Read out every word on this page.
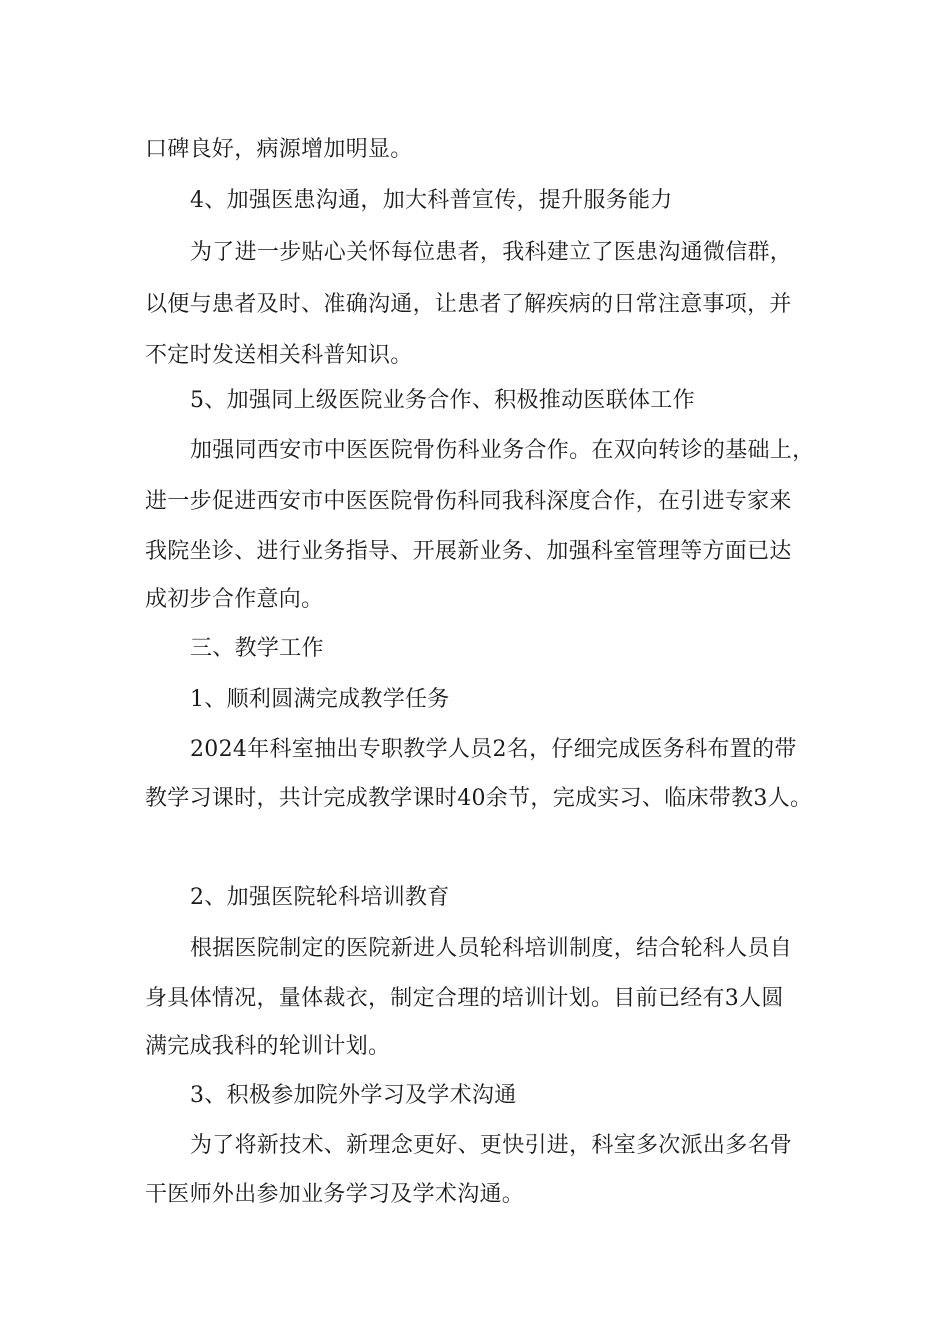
口碑良好，病源增加明显。
4、加强医患沟通，加大科普宣传，提升服务能力
为了进一步贴心关怀每位患者，我科建立了医患沟通微信群，
以便与患者及时、准确沟通，让患者了解疾病的日常注意事项，并
不定时发送相关科普知识。
5、加强同上级医院业务合作、积极推动医联体工作
加强同西安市中医医院骨伤科业务合作。在双向转诊的基础上，
进一步促进西安市中医医院骨伤科同我科深度合作，在引进专家来
我院坐诊、进行业务指导、开展新业务、加强科室管理等方面已达
成初步合作意向。
三、教学工作
1、顺利圆满完成教学任务
2024年科室抽出专职教学人员2名，仔细完成医务科布置的带
教学习课时，共计完成教学课时40余节，完成实习、临床带教3人。
2、加强医院轮科培训教育
根据医院制定的医院新进人员轮科培训制度，结合轮科人员自
身具体情况，量体裁衣，制定合理的培训计划。目前已经有3人圆
满完成我科的轮训计划。
3、积极参加院外学习及学术沟通
为了将新技术、新理念更好、更快引进，科室多次派出多名骨
干医师外出参加业务学习及学术沟通。
